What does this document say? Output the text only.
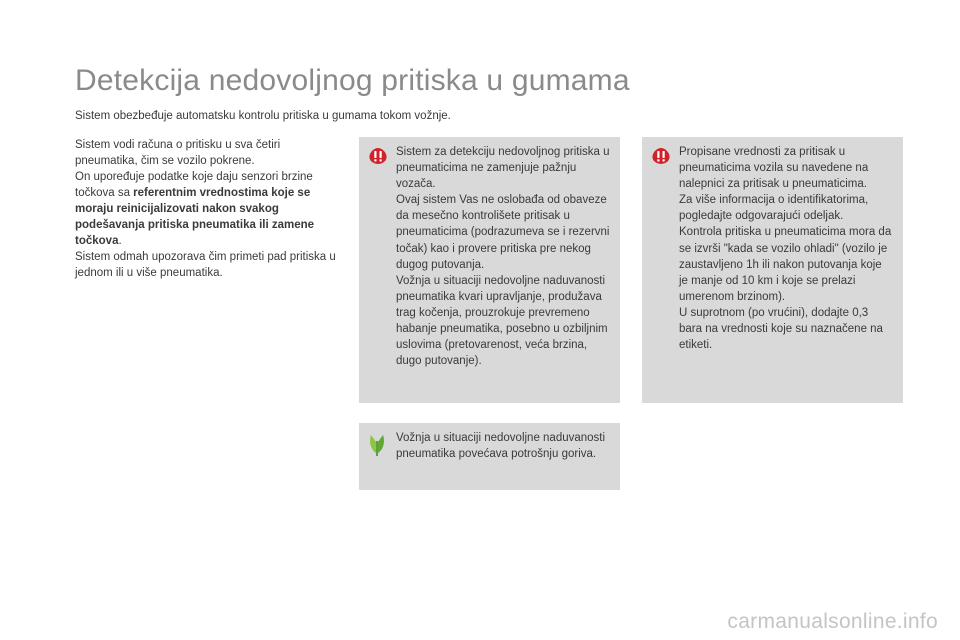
Detekcija nedovoljnog pritiska u gumama

Sistem obezbeđuje automatsku kontrolu pritiska u gumama tokom vožnje.

Sistem vodi računa o pritisku u sva četiri pneumatika, čim se vozilo pokrene.

On upoređuje podatke koje daju senzori brzine točkova sa referentnim vrednostima koje se moraju reinicijalizovati nakon svakog podešavanja pritiska pneumatika ili zamene točkova.

Sistem odmah upozorava čim primeti pad pritiska u jednom ili u više pneumatika.

Sistem za detekciju nedovoljnog pritiska u pneumaticima ne zamenjuje pažnju vozača.

Ovaj sistem Vas ne oslobađa od obaveze da mesečno kontrolišete pritisak u pneumaticima (podrazumeva se i rezervni točak) kao i provere pritiska pre nekog dugog putovanja.

Vožnja u situaciji nedovoljne naduvanosti pneumatika kvari upravljanje, produžava trag kočenja, prouzrokuje prevremeno habanje pneumatika, posebno u ozbiljnim uslovima (pretovarenost, veća brzina, dugo putovanje).

Propisane vrednosti za pritisak u pneumaticima vozila su navedene na nalepnici za pritisak u pneumaticima.

Za više informacija o identifikatorima, pogledajte odgovarajući odeljak.

Kontrola pritiska u pneumaticima mora da se izvrši "kada se vozilo ohladi" (vozilo je zaustavljeno 1h ili nakon putovanja koje je manje od 10 km i koje se prelazi umerenom brzinom).

U suprotnom (po vrućini), dodajte 0,3 bara na vrednosti koje su naznačene na etiketi.

Vožnja u situaciji nedovoljne naduvanosti pneumatika povećava potrošnju goriva.

carmanualsonline.info
